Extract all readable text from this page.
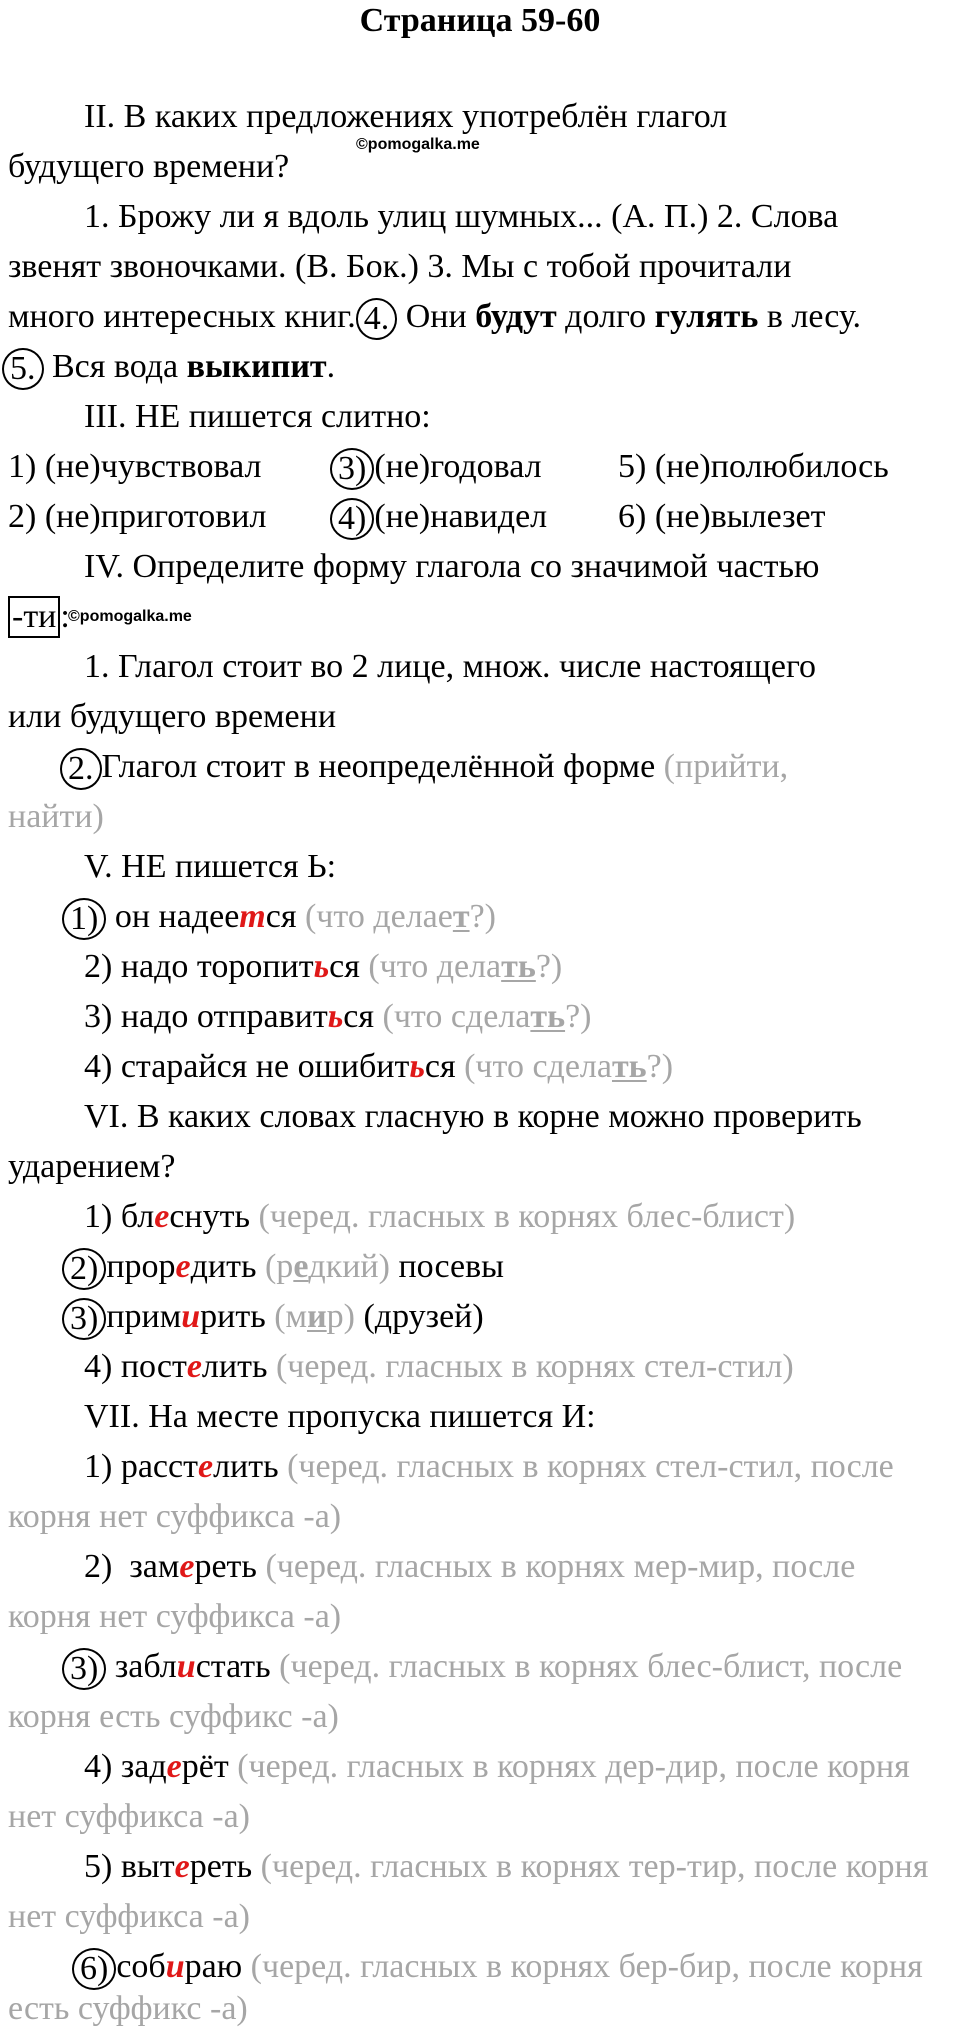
Страница 59-60
II. В каких предложениях употреблён глагол
©pomogalka.me
будущего времени?
1. Брожу ли я вдоль улиц шумных... (А. П.) 2. Слова
звенят звоночками. (В. Бок.) 3. Мы с тобой прочитали
много интересных книг. 4. Они будут долго гулять в лесу.
5. Вся вода выкипит.
III. НЕ пишется слитно:
1) (не)чувствовал 3) (не)годовал 5) (не)полюбилось
2) (не)приготовил 4) (не)навидел 6) (не)вылезет
IV. Определите форму глагола со значимой частью
-ти :
©pomogalka.me
1. Глагол стоит во 2 лице, множ. числе настоящего
или будущего времени
2. Глагол стоит в неопределённой форме (прийти,
найти)
V. НЕ пишется Ь:
1) он надеется (что делает?)
2) надо торопиться (что делать?)
3) надо отправиться (что сделать?)
4) старайся не ошибиться (что сделать?)
VI. В каких словах гласную в корне можно проверить
ударением?
1) блеснуть (черед. гласных в корнях блес-блист)
2) проредить (редкий) посевы
3) примирить (мир) (друзей)
4) постелить (черед. гласных в корнях стел-стил)
VII. На месте пропуска пишется И:
1) расстелить (черед. гласных в корнях стел-стил, после
корня нет суффикса -а)
2) замереть (черед. гласных в корнях мер-мир, после
корня нет суффикса -а)
3) заблистать (черед. гласных в корнях блес-блист, после
корня есть суффикс -а)
4) задерёт (черед. гласных в корнях дер-дир, после корня
нет суффикса -а)
5) вытереть (черед. гласных в корнях тер-тир, после корня
нет суффикса -а)
6) собираю (черед. гласных в корнях бер-бир, после корня
есть суффикс -а)
